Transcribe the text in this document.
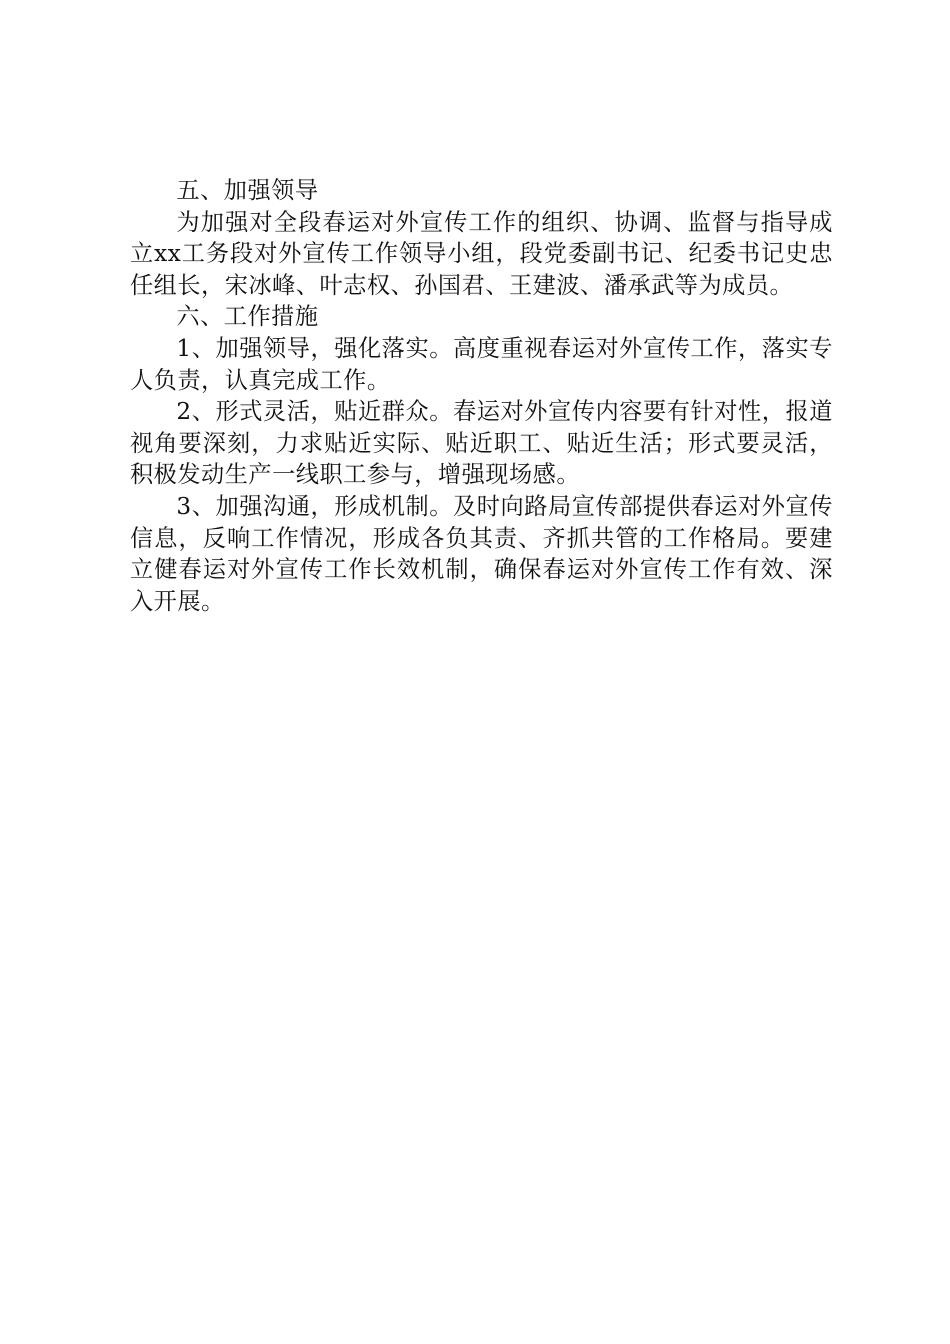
五、加强领导

为加强对全段春运对外宣传工作的组织、协调、监督与指导成立xx工务段对外宣传工作领导小组，段党委副书记、纪委书记史忠任组长，宋冰峰、叶志权、孙国君、王建波、潘承武等为成员。

六、工作措施

1、加强领导，强化落实。高度重视春运对外宣传工作，落实专人负责，认真完成工作。

2、形式灵活，贴近群众。春运对外宣传内容要有针对性，报道视角要深刻，力求贴近实际、贴近职工、贴近生活；形式要灵活，积极发动生产一线职工参与，增强现场感。

3、加强沟通，形成机制。及时向路局宣传部提供春运对外宣传信息，反响工作情况，形成各负其责、齐抓共管的工作格局。要建立健春运对外宣传工作长效机制，确保春运对外宣传工作有效、深入开展。
